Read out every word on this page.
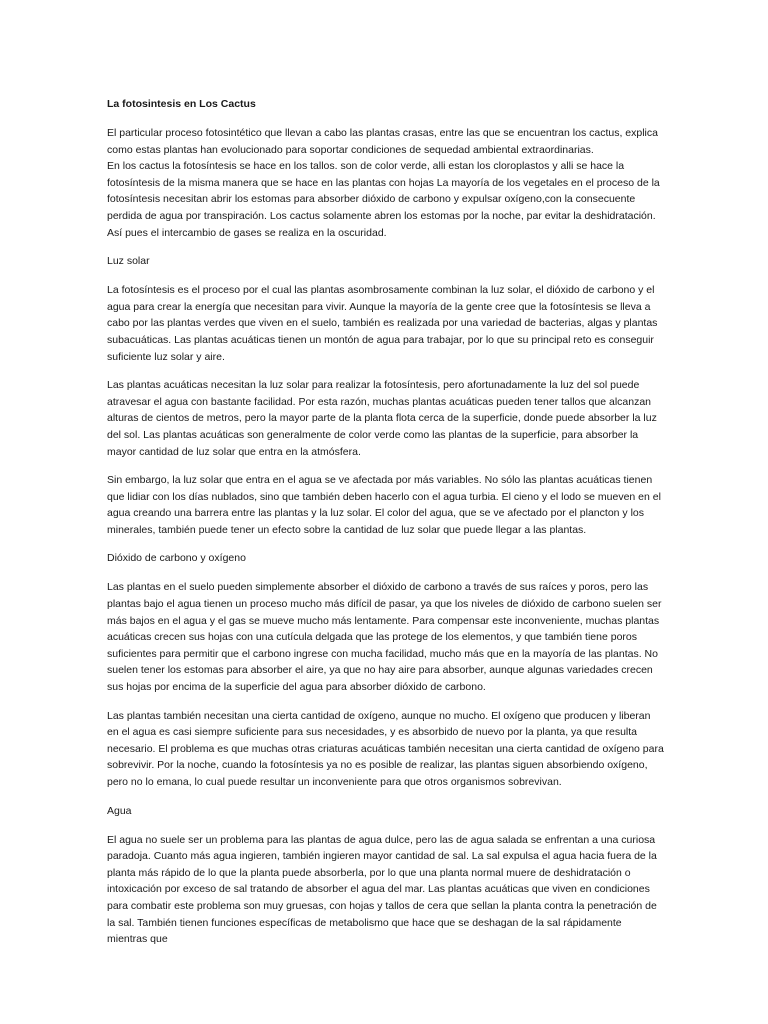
La fotosintesis en Los Cactus

El particular proceso fotosintético que llevan a cabo las plantas crasas, entre las que se encuentran los cactus, explica como estas plantas han evolucionado para soportar condiciones de sequedad ambiental extraordinarias.

En los cactus la fotosíntesis se hace en los tallos. son de color verde, alli estan los cloroplastos y alli se hace la fotosíntesis de la misma manera que se hace en las plantas con hojas La mayoría de los vegetales en el proceso de la fotosíntesis necesitan abrir los estomas para absorber dióxido de carbono y expulsar oxígeno,con la consecuente perdida de agua por transpiración. Los cactus solamente abren los estomas por la noche, par evitar la deshidratación. Así pues el intercambio de gases se realiza en la oscuridad.

Luz solar

La fotosíntesis es el proceso por el cual las plantas asombrosamente combinan la luz solar, el dióxido de carbono y el agua para crear la energía que necesitan para vivir. Aunque la mayoría de la gente cree que la fotosíntesis se lleva a cabo por las plantas verdes que viven en el suelo, también es realizada por una variedad de bacterias, algas y plantas subacuáticas. Las plantas acuáticas tienen un montón de agua para trabajar, por lo que su principal reto es conseguir suficiente luz solar y aire.

Las plantas acuáticas necesitan la luz solar para realizar la fotosíntesis, pero afortunadamente la luz del sol puede atravesar el agua con bastante facilidad. Por esta razón, muchas plantas acuáticas pueden tener tallos que alcanzan alturas de cientos de metros, pero la mayor parte de la planta flota cerca de la superficie, donde puede absorber la luz del sol. Las plantas acuáticas son generalmente de color verde como las plantas de la superficie, para absorber la mayor cantidad de luz solar que entra en la atmósfera.

Sin embargo, la luz solar que entra en el agua se ve afectada por más variables. No sólo las plantas acuáticas tienen que lidiar con los días nublados, sino que también deben hacerlo con el agua turbia. El cieno y el lodo se mueven en el agua creando una barrera entre las plantas y la luz solar. El color del agua, que se ve afectado por el plancton y los minerales, también puede tener un efecto sobre la cantidad de luz solar que puede llegar a las plantas.

Dióxido de carbono y oxígeno

Las plantas en el suelo pueden simplemente absorber el dióxido de carbono a través de sus raíces y poros, pero las plantas bajo el agua tienen un proceso mucho más difícil de pasar, ya que los niveles de dióxido de carbono suelen ser más bajos en el agua y el gas se mueve mucho más lentamente. Para compensar este inconveniente, muchas plantas acuáticas crecen sus hojas con una cutícula delgada que las protege de los elementos, y que también tiene poros suficientes para permitir que el carbono ingrese con mucha facilidad, mucho más que en la mayoría de las plantas. No suelen tener los estomas para absorber el aire, ya que no hay aire para absorber, aunque algunas variedades crecen sus hojas por encima de la superficie del agua para absorber dióxido de carbono.

Las plantas también necesitan una cierta cantidad de oxígeno, aunque no mucho. El oxígeno que producen y liberan en el agua es casi siempre suficiente para sus necesidades, y es absorbido de nuevo por la planta, ya que resulta necesario. El problema es que muchas otras criaturas acuáticas también necesitan una cierta cantidad de oxígeno para sobrevivir. Por la noche, cuando la fotosíntesis ya no es posible de realizar, las plantas siguen absorbiendo oxígeno, pero no lo emana, lo cual puede resultar un inconveniente para que otros organismos sobrevivan.

Agua

El agua no suele ser un problema para las plantas de agua dulce, pero las de agua salada se enfrentan a una curiosa paradoja. Cuanto más agua ingieren, también ingieren mayor cantidad de sal. La sal expulsa el agua hacia fuera de la planta más rápido de lo que la planta puede absorberla, por lo que una planta normal muere de deshidratación o intoxicación por exceso de sal tratando de absorber el agua del mar. Las plantas acuáticas que viven en condiciones para combatir este problema son muy gruesas, con hojas y tallos de cera que sellan la planta contra la penetración de la sal. También tienen funciones específicas de metabolismo que hace que se deshagan de la sal rápidamente mientras que
